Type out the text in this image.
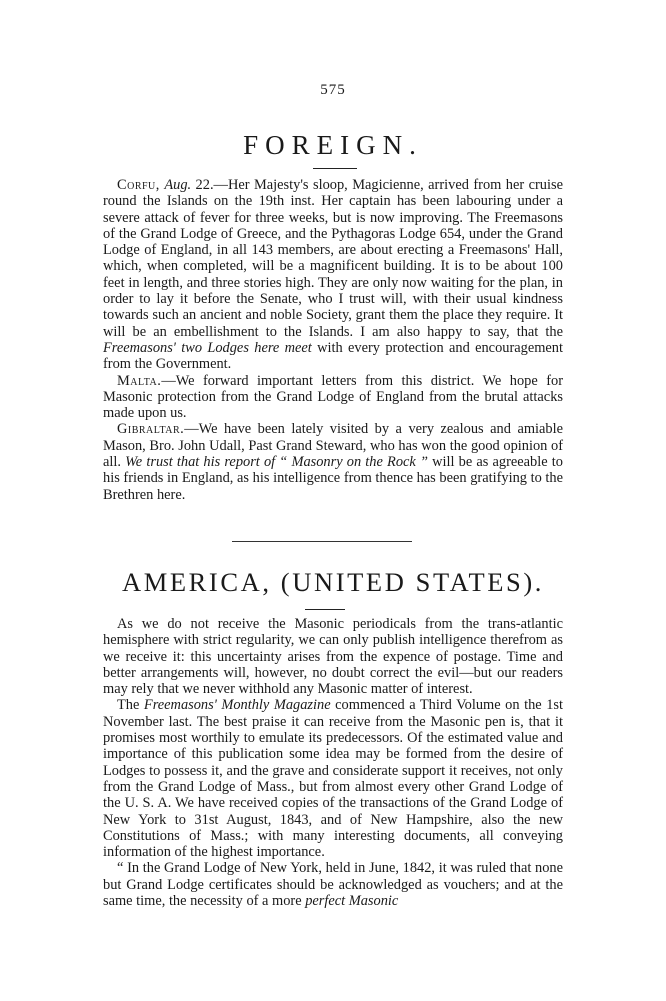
575
FOREIGN.

Corfu, Aug. 22.—Her Majesty's sloop, Magicienne, arrived from her cruise round the Islands on the 19th inst. Her captain has been labouring under a severe attack of fever for three weeks, but is now improving. The Freemasons of the Grand Lodge of Greece, and the Pythagoras Lodge 654, under the Grand Lodge of England, in all 143 members, are about erecting a Freemasons' Hall, which, when completed, will be a magnificent building. It is to be about 100 feet in length, and three stories high. They are only now waiting for the plan, in order to lay it before the Senate, who I trust will, with their usual kindness towards such an ancient and noble Society, grant them the place they require. It will be an embellishment to the Islands. I am also happy to say, that the Freemasons' two Lodges here meet with every protection and encouragement from the Government.

Malta.—We forward important letters from this district. We hope for Masonic protection from the Grand Lodge of England from the brutal attacks made upon us.

Gibraltar.—We have been lately visited by a very zealous and amiable Mason, Bro. John Udall, Past Grand Steward, who has won the good opinion of all. We trust that his report of “ Masonry on the Rock ” will be as agreeable to his friends in England, as his intelligence from thence has been gratifying to the Brethren here.

AMERICA, (UNITED STATES).

As we do not receive the Masonic periodicals from the trans-atlantic hemisphere with strict regularity, we can only publish intelligence therefrom as we receive it: this uncertainty arises from the expence of postage. Time and better arrangements will, however, no doubt correct the evil—but our readers may rely that we never withhold any Masonic matter of interest.

The Freemasons' Monthly Magazine commenced a Third Volume on the 1st November last. The best praise it can receive from the Masonic pen is, that it promises most worthily to emulate its predecessors. Of the estimated value and importance of this publication some idea may be formed from the desire of Lodges to possess it, and the grave and considerate support it receives, not only from the Grand Lodge of Mass., but from almost every other Grand Lodge of the U. S. A. We have received copies of the transactions of the Grand Lodge of New York to 31st August, 1843, and of New Hampshire, also the new Constitutions of Mass.; with many interesting documents, all conveying information of the highest importance.

“ In the Grand Lodge of New York, held in June, 1842, it was ruled that none but Grand Lodge certificates should be acknowledged as vouchers; and at the same time, the necessity of a more perfect Masonic
